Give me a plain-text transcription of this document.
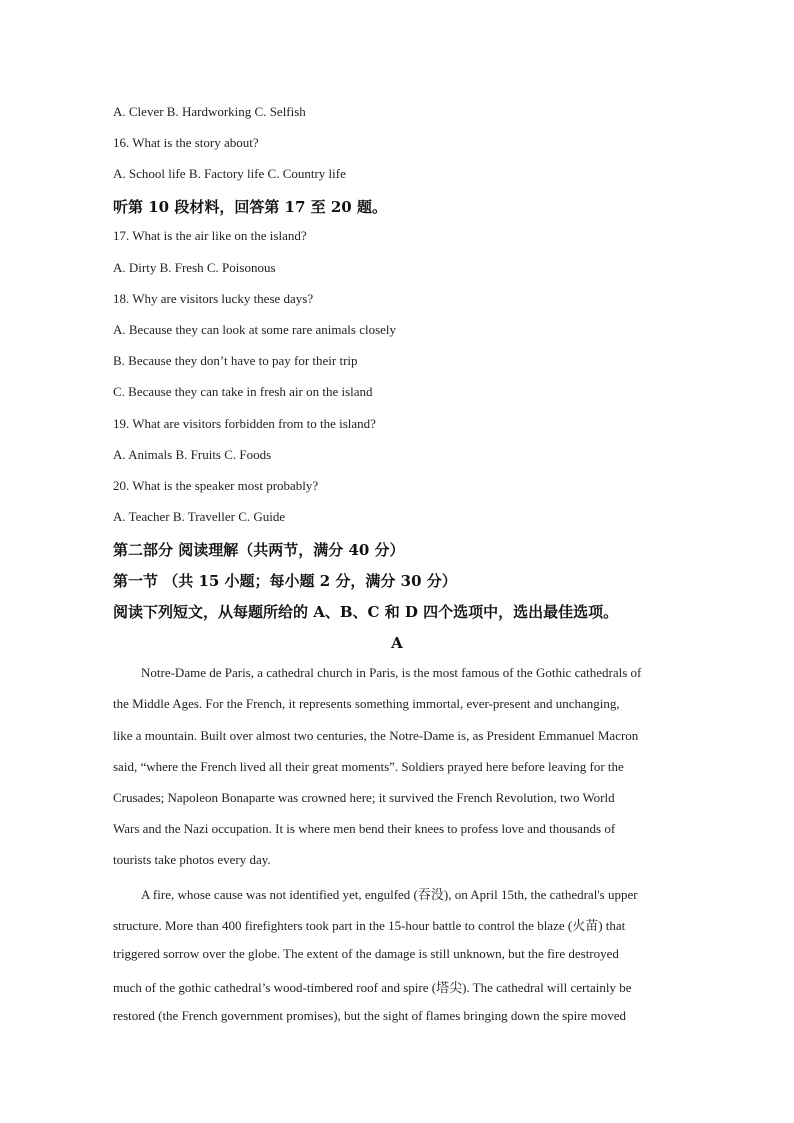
A. Clever B. Hardworking C. Selfish
16. What is the story about?
A. School life B. Factory life C. Country life
听第 10 段材料，回答第 17 至 20 题。
17. What is the air like on the island?
A. Dirty B. Fresh C. Poisonous
18. Why are visitors lucky these days?
A. Because they can look at some rare animals closely
B. Because they don’t have to pay for their trip
C. Because they can take in fresh air on the island
19. What are visitors forbidden from to the island?
A. Animals B. Fruits C. Foods
20. What is the speaker most probably?
A. Teacher B. Traveller C. Guide
第二部分 阅读理解（共两节，满分 40 分）
第一节 （共 15 小题；每小题 2 分，满分 30 分）
阅读下列短文，从每题所给的 A、B、C 和 D 四个选项中，选出最佳选项。
A
Notre-Dame de Paris, a cathedral church in Paris, is the most famous of the Gothic cathedrals of
the Middle Ages. For the French, it represents something immortal, ever-present and unchanging,
like a mountain. Built over almost two centuries, the Notre-Dame is, as President Emmanuel Macron
said, “where the French lived all their great moments”. Soldiers prayed here before leaving for the
Crusades; Napoleon Bonaparte was crowned here; it survived the French Revolution, two World
Wars and the Nazi occupation. It is where men bend their knees to profess love and thousands of
tourists take photos every day.
A fire, whose cause was not identified yet, engulfed (吞没), on April 15th, the cathedral's upper
structure. More than 400 firefighters took part in the 15-hour battle to control the blaze (火苗) that
triggered sorrow over the globe. The extent of the damage is still unknown, but the fire destroyed
much of the gothic cathedral’s wood-timbered roof and spire (塔尖). The cathedral will certainly be
restored (the French government promises), but the sight of flames bringing down the spire moved
